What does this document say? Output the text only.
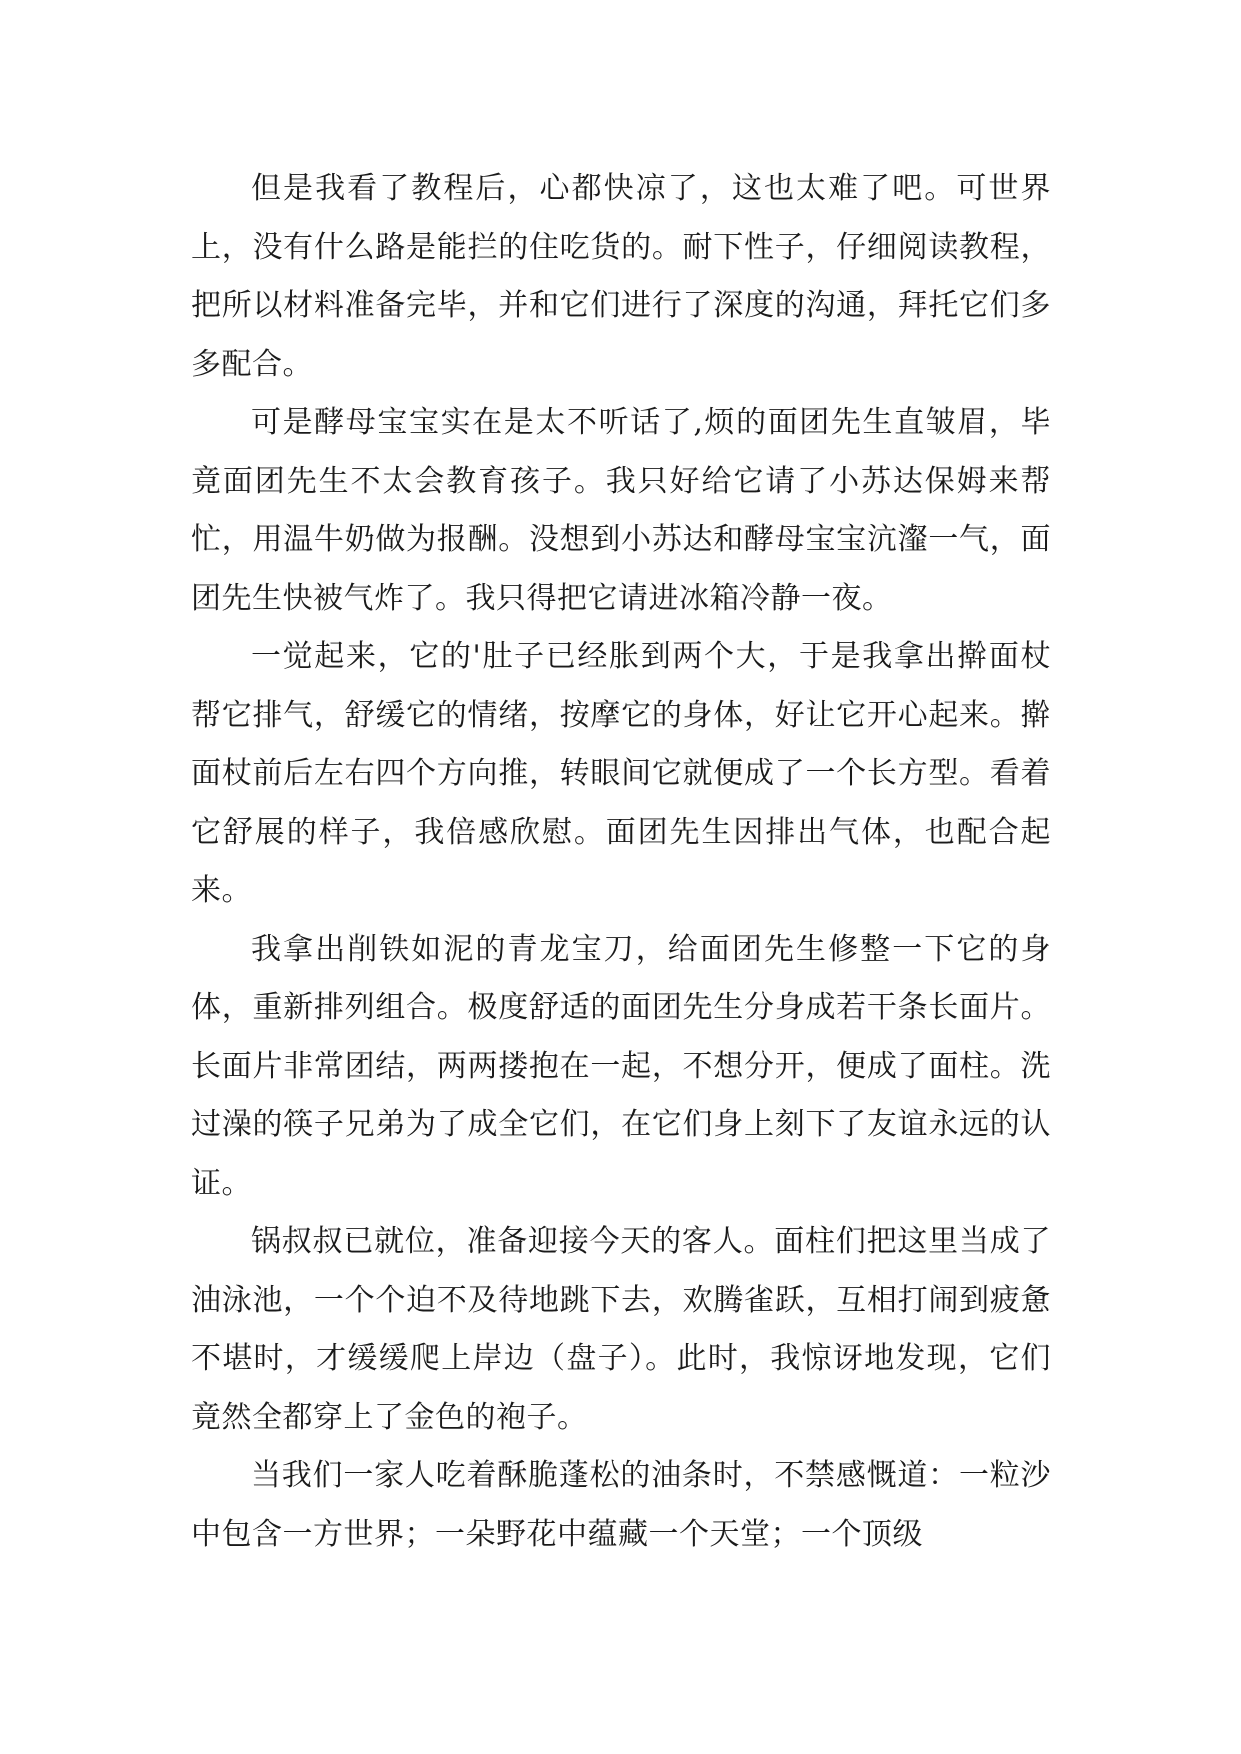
但是我看了教程后，心都快凉了，这也太难了吧。可世界上，没有什么路是能拦的住吃货的。耐下性子，仔细阅读教程，把所以材料准备完毕，并和它们进行了深度的沟通，拜托它们多多配合。

可是酵母宝宝实在是太不听话了,烦的面团先生直皱眉，毕竟面团先生不太会教育孩子。我只好给它请了小苏达保姆来帮忙，用温牛奶做为报酬。没想到小苏达和酵母宝宝沆瀣一气，面团先生快被气炸了。我只得把它请进冰箱冷静一夜。

一觉起来，它的'肚子已经胀到两个大，于是我拿出擀面杖帮它排气，舒缓它的情绪，按摩它的身体，好让它开心起来。擀面杖前后左右四个方向推，转眼间它就便成了一个长方型。看着它舒展的样子，我倍感欣慰。面团先生因排出气体，也配合起来。

我拿出削铁如泥的青龙宝刀，给面团先生修整一下它的身体，重新排列组合。极度舒适的面团先生分身成若干条长面片。长面片非常团结，两两搂抱在一起，不想分开，便成了面柱。洗过澡的筷子兄弟为了成全它们，在它们身上刻下了友谊永远的认证。

锅叔叔已就位，准备迎接今天的客人。面柱们把这里当成了油泳池，一个个迫不及待地跳下去，欢腾雀跃，互相打闹到疲惫不堪时，才缓缓爬上岸边（盘子）。此时，我惊讶地发现，它们竟然全都穿上了金色的袍子。

当我们一家人吃着酥脆蓬松的油条时，不禁感慨道：一粒沙中包含一方世界；一朵野花中蕴藏一个天堂；一个顶级
